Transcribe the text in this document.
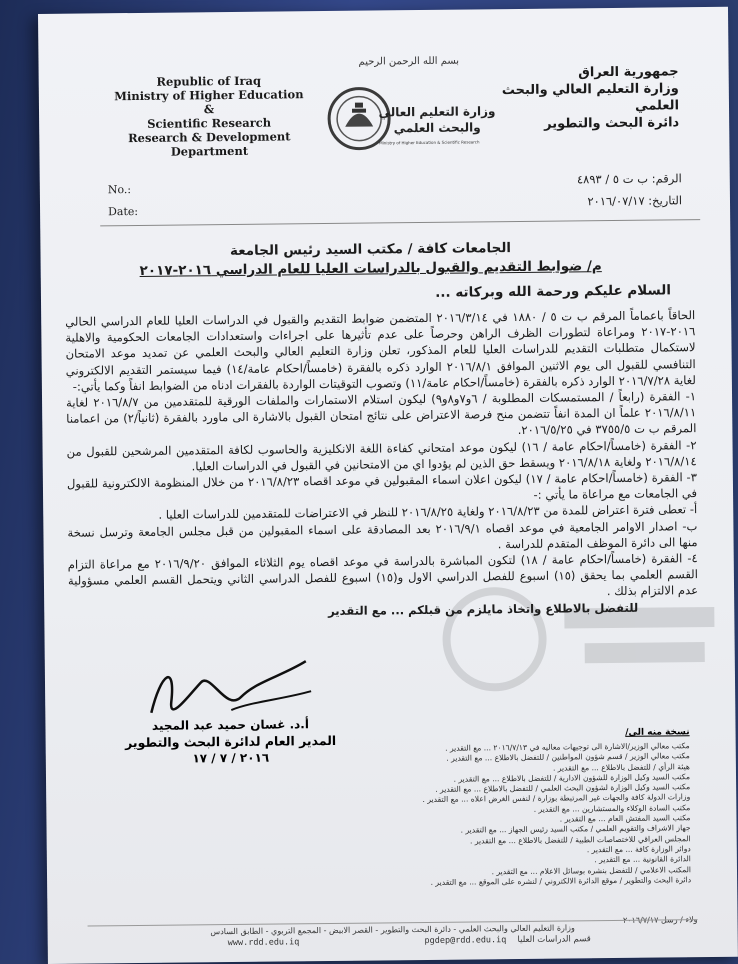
بسم الله الرحمن الرحيم
Republic of Iraq
Ministry of Higher Education &
Scientific Research
Research & Development
Department
وزارة التعليم العالي
والبحث العلمي
Ministry of Higher Education & Scientific Research
جمهورية العراق
وزارة التعليم العالي والبحث العلمي
دائرة البحث والتطوير
No.:
Date:
الرقم: ب ت ٥ / ٤٨٩٣
التاريخ: ٢٠١٦/٠٧/١٧
الجامعات كافة / مكتب السيد رئيس الجامعة
م/ ضوابط التقديم والقبول بالدراسات العليا للعام الدراسي ٢٠١٦-٢٠١٧
السلام عليكم ورحمة الله وبركاته ...

الحاقاً باعماماً المرقم ب ت ٥ / ١٨٨٠ في ٢٠١٦/٣/١٤ المتضمن ضوابط التقديم والقبول في الدراسات العليا للعام الدراسي الحالي ٢٠١٦-٢٠١٧ ومراعاة لتطورات الظرف الراهن وحرصاً على عدم تأثيرها على اجراءات واستعدادات الجامعات الحكومية والاهلية لاستكمال متطلبات التقديم للدراسات العليا للعام المذكور، تعلن وزارة التعليم العالي والبحث العلمي عن تمديد موعد الامتحان التنافسي للقبول الى يوم الاثنين الموافق ٢٠١٦/٨/١ الوارد ذكره بالفقرة (خامساً/احكام عامة/١٤) فيما سيستمر التقديم الالكتروني لغاية ٢٠١٦/٧/٢٨ الوارد ذكره بالفقرة (خامساً/احكام عامة/١١) وتصوب التوقيتات الواردة بالفقرات ادناه من الضوابط انفاً وكما يأتي:-

١- الفقرة (رابعاً / المستمسكات المطلوبة / ٦و٧و٨و٩) ليكون استلام الاستمارات والملفات الورقية للمتقدمين من ٢٠١٦/٨/٧ لغاية ٢٠١٦/٨/١١ علماً ان المدة انفاً تتضمن منح فرصة الاعتراض على نتائج امتحان القبول بالاشارة الى ماورد بالفقرة (ثانياً/٢) من اعمامنا المرقم ب ت ٣٧٥٥/٥ في ٢٠١٦/٥/٢٥.

٢- الفقرة (خامساً/احكام عامة / ١٦) ليكون موعد امتحاني كفاءة اللغة الانكليزية والحاسوب لكافة المتقدمين المرشحين للقبول من ٢٠١٦/٨/١٤ ولغاية ٢٠١٦/٨/١٨ ويسقط حق الذين لم يؤدوا اي من الامتحانين في القبول في الدراسات العليا.

٣- الفقرة (خامساً/احكام عامة / ١٧) ليكون اعلان اسماء المقبولين في موعد اقصاه ٢٠١٦/٨/٢٣ من خلال المنظومة الالكترونية للقبول في الجامعات مع مراعاة ما يأتي :-

أ- تعطى فترة اعتراض للمدة من ٢٠١٦/٨/٢٣ ولغاية ٢٠١٦/٨/٢٥ للنظر في الاعتراضات للمتقدمين للدراسات العليا .

ب- اصدار الاوامر الجامعية في موعد اقصاه ٢٠١٦/٩/١ بعد المصادقة على اسماء المقبولين من قبل مجلس الجامعة وترسل نسخة منها الى دائرة الموظف المتقدم للدراسة .

٤- الفقرة (خامساً/احكام عامة / ١٨) لتكون المباشرة بالدراسة في موعد اقصاه يوم الثلاثاء الموافق ٢٠١٦/٩/٢٠ مع مراعاة التزام القسم العلمي بما يحقق (١٥) اسبوع للفصل الدراسي الاول و(١٥) اسبوع للفصل الدراسي الثاني ويتحمل القسم العلمي مسؤولية عدم الالتزام بذلك .

للتفضل بالاطلاع واتخاذ مايلزم من قبلكم ... مع التقدير

أ.د. غسان حميد عبد المجيد
المدير العام لدائرة البحث والتطوير
٢٠١٦ / ٧ / ١٧
نسخة منه الى/
مكتب معالي الوزير/الاشارة الى توجيهات معاليه في ٢٠١٦/٧/١٣ ... مع التقدير .
مكتب معالي الوزير / قسم شؤون المواطنين / للتفضل بالاطلاع ... مع التقدير .
هيئة الرأي / للتفضل بالاطلاع ... مع التقدير .
مكتب السيد وكيل الوزارة للشؤون الادارية / للتفضل بالاطلاع ... مع التقدير .
مكتب السيد وكيل الوزارة لشؤون البحث العلمي / للتفضل بالاطلاع ... مع التقدير .
وزارات الدولة كافة والجهات غير المرتبطة بوزارة / لنفس الغرض اعلاه ... مع التقدير .
مكتب السادة الوكلاء والمستشارين ... مع التقدير .
مكتب السيد المفتش العام ... مع التقدير .
جهاز الاشراف والتقويم العلمي / مكتب السيد رئيس الجهاز ... مع التقدير .
المجلس العراقي للاختصاصات الطبية / للتفضل بالاطلاع ... مع التقدير .
دوائر الوزارة كافة ... مع التقدير .
الدائرة القانونية ... مع التقدير .
المكتب الاعلامي / للتفضل بنشره بوسائل الاعلام ... مع التقدير .
دائرة البحث والتطوير / موقع الدائرة الالكتروني / لنشره على الموقع ... مع التقدير .
ولاء / رسل ٢٠١٦/٧/١٧
وزارة التعليم العالي والبحث العلمي - دائرة البحث والتطوير - القصر الابيض - المجمع التربوي - الطابق السادس
www.rdd.edu.iq	pgdep@rdd.edu.iq قسم الدراسات العليا
